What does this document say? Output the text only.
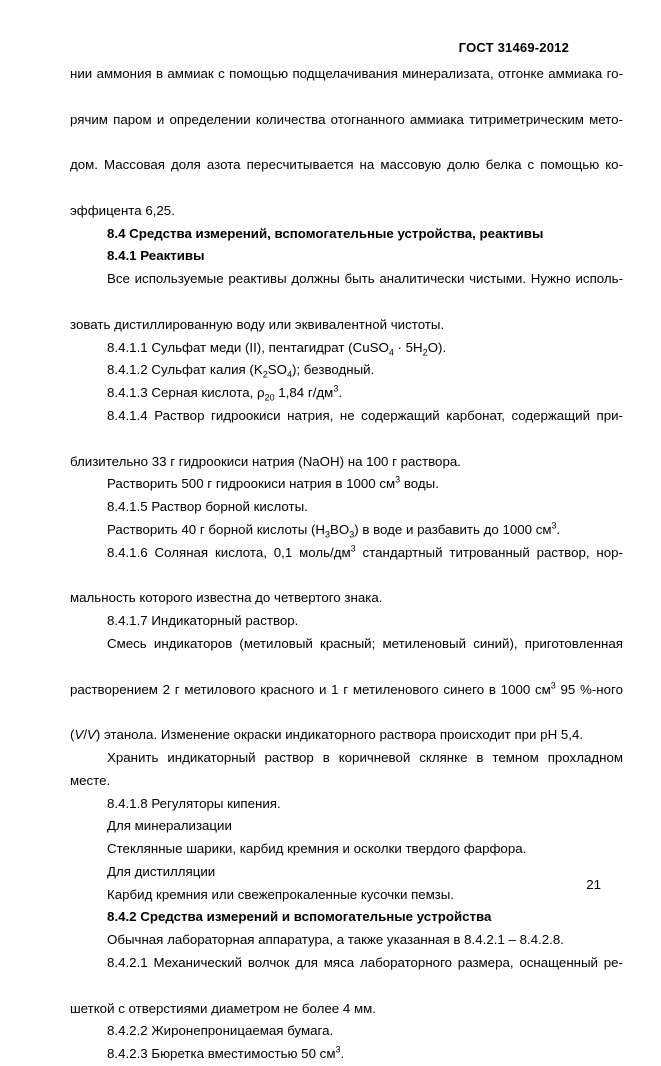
ГОСТ 31469-2012

нии аммония в аммиак с помощью подщелачивания минерализата, отгонке аммиака го-

рячим паром и определении количества отогнанного аммиака титриметрическим мето-

дом. Массовая доля азота пересчитывается на массовую долю белка с помощью ко-

эффицента 6,25.

8.4 Средства измерений, вспомогательные устройства, реактивы

8.4.1 Реактивы

Все используемые реактивы должны быть аналитически чистыми. Нужно исполь-

зовать дистиллированную воду или эквивалентной чистоты.

8.4.1.1 Сульфат меди (II), пентагидрат (CuSO$_4$ · $5H_2O$).

8.4.1.2 Сульфат калия $(K_2SO_4)$; безводный.

8.4.1.3 Серная кислота, $\rho_{20}$ 1,84 $г/дм^3$.

8.4.1.4 Раствор гидроокиси натрия, не содержащий карбонат, содержащий при-

близительно 33 г гидроокиси натрия (NaOH) на 100 г раствора.

Растворить 500 г гидроокиси натрия в 1000 $см^3$ воды.

8.4.1.5 Раствор борной кислоты.

Растворить 40 г борной кислоты $(H_3BO_3)$ в воде и разбавить до 1000 $см^3$.

8.4.1.6 Соляная кислота, 0,1 моль/$дм^3$ стандартный титрованный раствор, нор-

мальность которого известна до четвертого знака.

8.4.1.7 Индикаторный раствор.

Смесь индикаторов (метиловый красный; метиленовый синий), приготовленная

растворением 2 г метилового красного и 1 г метиленового синего в 1000 $см^3$ 95 %-ного

(V/V) этанола. Изменение окраски индикаторного раствора происходит при pH 5,4.

Хранить индикаторный раствор в коричневой склянке в темном прохладном месте.

8.4.1.8 Регуляторы кипения.

Для минерализации

Стеклянные шарики, карбид кремния и осколки твердого фарфора.

Для дистилляции

Карбид кремния или свежепрокаленные кусочки пемзы.

8.4.2 Средства измерений и вспомогательные устройства

Обычная лабораторная аппаратура, а также указанная в 8.4.2.1 – 8.4.2.8.

8.4.2.1 Механический волчок для мяса лабораторного размера, оснащенный ре-

шеткой с отверстиями диаметром не более 4 мм.

8.4.2.2 Жиронепроницаемая бумага.

8.4.2.3 Бюретка вместимостью 50 $см^3$.

21
